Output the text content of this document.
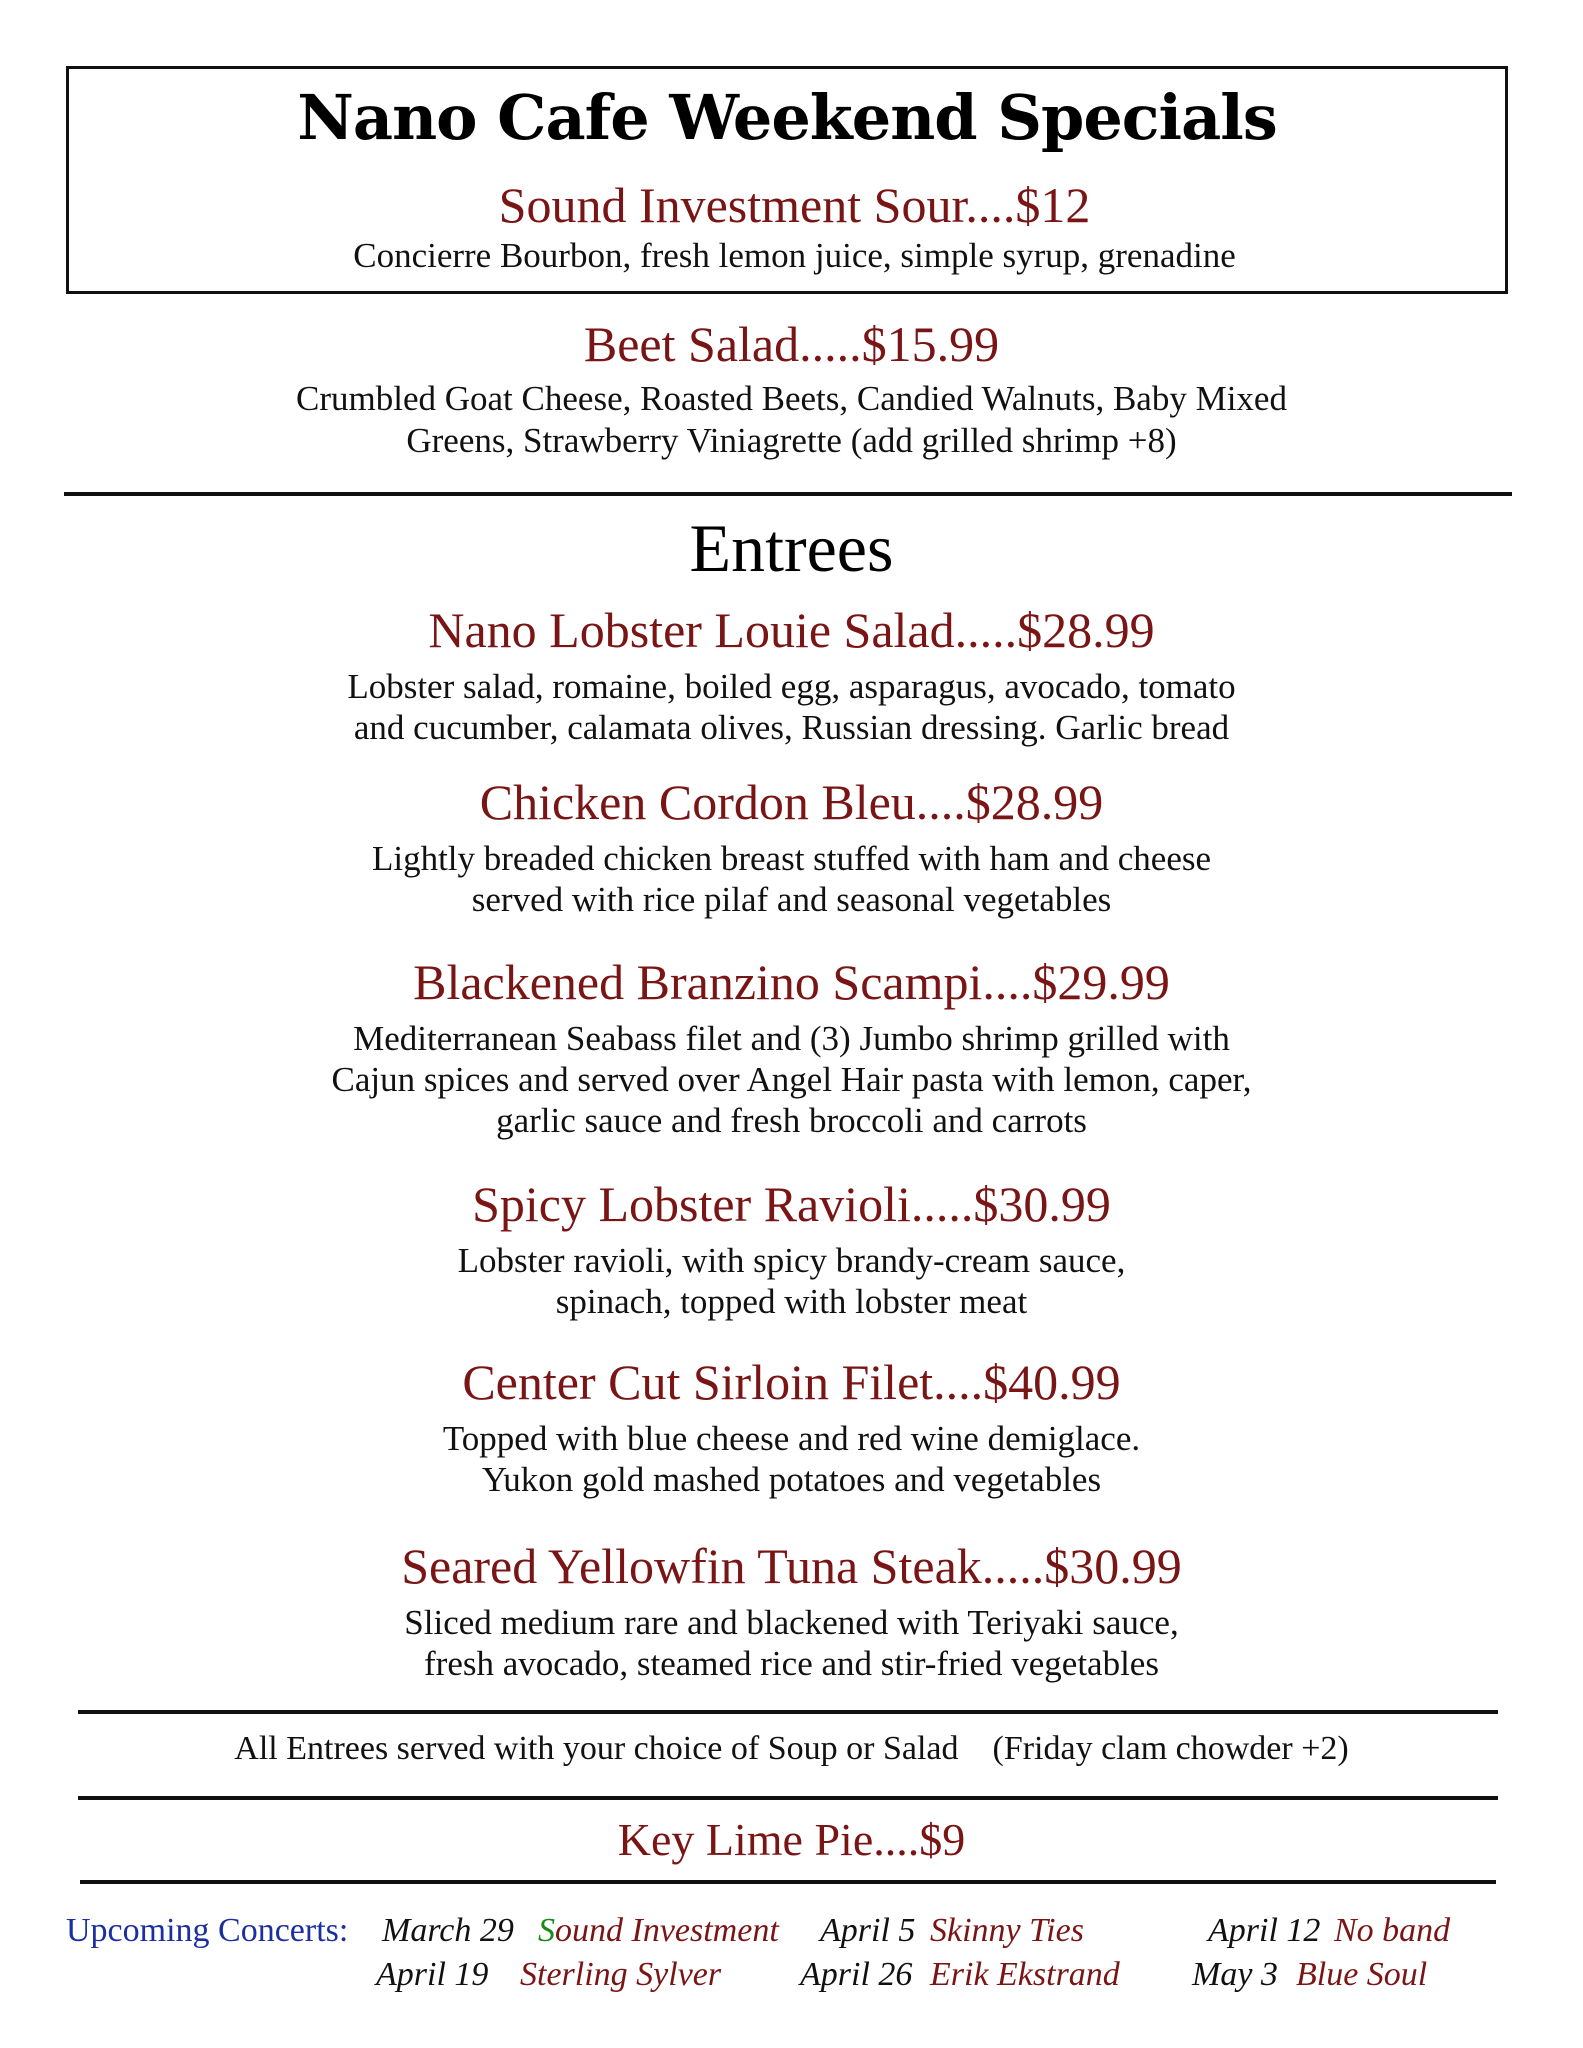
Nano Cafe Weekend Specials
Sound Investment Sour....$12
Concierre Bourbon, fresh lemon juice, simple syrup, grenadine
Beet Salad.....$15.99
Crumbled Goat Cheese, Roasted Beets, Candied Walnuts, Baby Mixed
Greens, Strawberry Viniagrette (add grilled shrimp +8)
Entrees
Nano Lobster Louie Salad.....$28.99
Lobster salad, romaine, boiled egg, asparagus, avocado, tomato
and cucumber, calamata olives, Russian dressing. Garlic bread
Chicken Cordon Bleu....$28.99
Lightly breaded chicken breast stuffed with ham and cheese
served with rice pilaf and seasonal vegetables
Blackened Branzino Scampi....$29.99
Mediterranean Seabass filet and (3) Jumbo shrimp grilled with
Cajun spices and served over Angel Hair pasta with lemon, caper,
garlic sauce and fresh broccoli and carrots
Spicy Lobster Ravioli.....$30.99
Lobster ravioli, with spicy brandy-cream sauce,
spinach, topped with lobster meat
Center Cut Sirloin Filet....$40.99
Topped with blue cheese and red wine demiglace.
Yukon gold mashed potatoes and vegetables
Seared Yellowfin Tuna Steak.....$30.99
Sliced medium rare and blackened with Teriyaki sauce,
fresh avocado, steamed rice and stir-fried vegetables
All Entrees served with your choice of Soup or Salad    (Friday clam chowder +2)
Key Lime Pie....$9
Upcoming Concerts: March 29 Sound Investment April 5 Skinny Ties	April 12 No band
April 19 Sterling Sylver April 26 Erik Ekstrand May 3 Blue Soul
